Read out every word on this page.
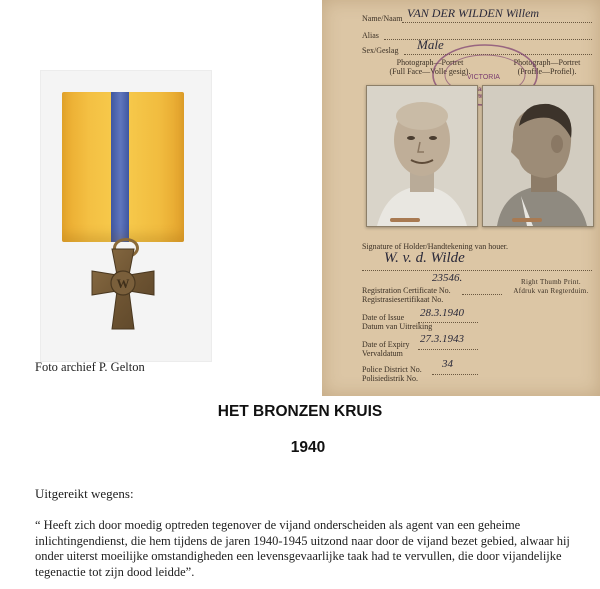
W
Foto archief P. Gelton
Name/Naam VAN DER WILDEN Willem
Alias
Sex/Geslag Male
Photograph—Portret
(Full Face—Volle gesig).
Photograph—Portret
(Profile—Profiel).
VICTORIA
van
Signature of Holder/Handtekening van houer.
W. v. d. Wilde
23546.
Registration Certificate No.
Registrasiesertifikaat No.
Right Thumb Print.
Afdruk van Regterduim.
Date of Issue
Datum van Uitreiking
28.3.1940
Date of Expiry
Vervaldatum
27.3.1943
Police District No.
Polisiedistrik No.
34
HET BRONZEN KRUIS
1940
Uitgereikt wegens:
“ Heeft zich door moedig optreden tegenover de vijand onderscheiden als agent van een geheime inlichtingendienst, die hem tijdens de jaren 1940-1945 uitzond naar door de vijand bezet gebied, alwaar hij onder uiterst moeilijke omstandigheden een levensgevaarlijke taak had te vervullen, die door vijandelijke tegenactie tot zijn dood leidde”.
